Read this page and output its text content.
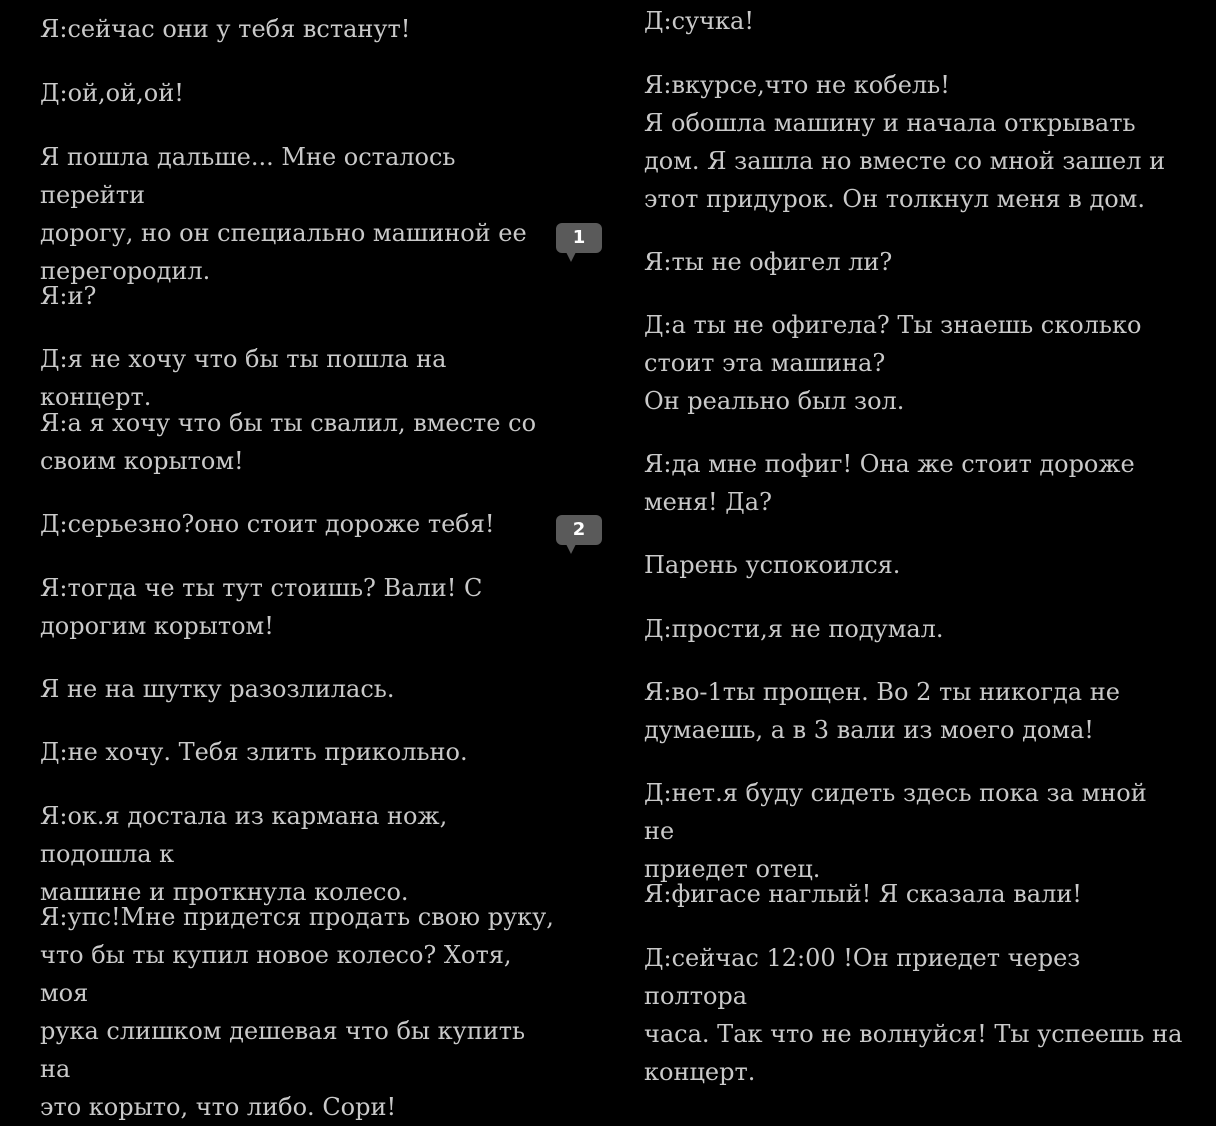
Я:сейчас они у тебя встанут!

Д:ой,ой,ой!

Я пошла дальше... Мне осталось перейти
дорогу, но он специально машиной ее
перегородил.

Я:и?

Д:я не хочу что бы ты пошла на концерт.

Я:а я хочу что бы ты свалил, вместе со
своим корытом!

Д:серьезно?оно стоит дороже тебя!

Я:тогда че ты тут стоишь? Вали! С
дорогим корытом!

Я не на шутку разозлилась.

Д:не хочу. Тебя злить прикольно.

Я:ок.я достала из кармана нож, подошла к
машине и проткнула колесо.

Я:упс!Мне придется продать свою руку,
что бы ты купил новое колесо? Хотя, моя
рука слишком дешевая что бы купить на
это корыто, что либо. Сори!

1
2

Д:сучка!

Я:вкурсе,что не кобель!
Я обошла машину и начала открывать
дом. Я зашла но вместе со мной зашел и
этот придурок. Он толкнул меня в дом.

Я:ты не офигел ли?

Д:а ты не офигела? Ты знаешь сколько
стоит эта машина?
Он реально был зол.

Я:да мне пофиг! Она же стоит дороже
меня! Да?

Парень успокоился.

Д:прости,я не подумал.

Я:во-1ты прощен. Во 2 ты никогда не
думаешь, а в 3 вали из моего дома!

Д:нет.я буду сидеть здесь пока за мной не
приедет отец.

Я:фигасе наглый! Я сказала вали!

Д:сейчас 12:00 !Он приедет через полтора
часа. Так что не волнуйся! Ты успеешь на
концерт.
